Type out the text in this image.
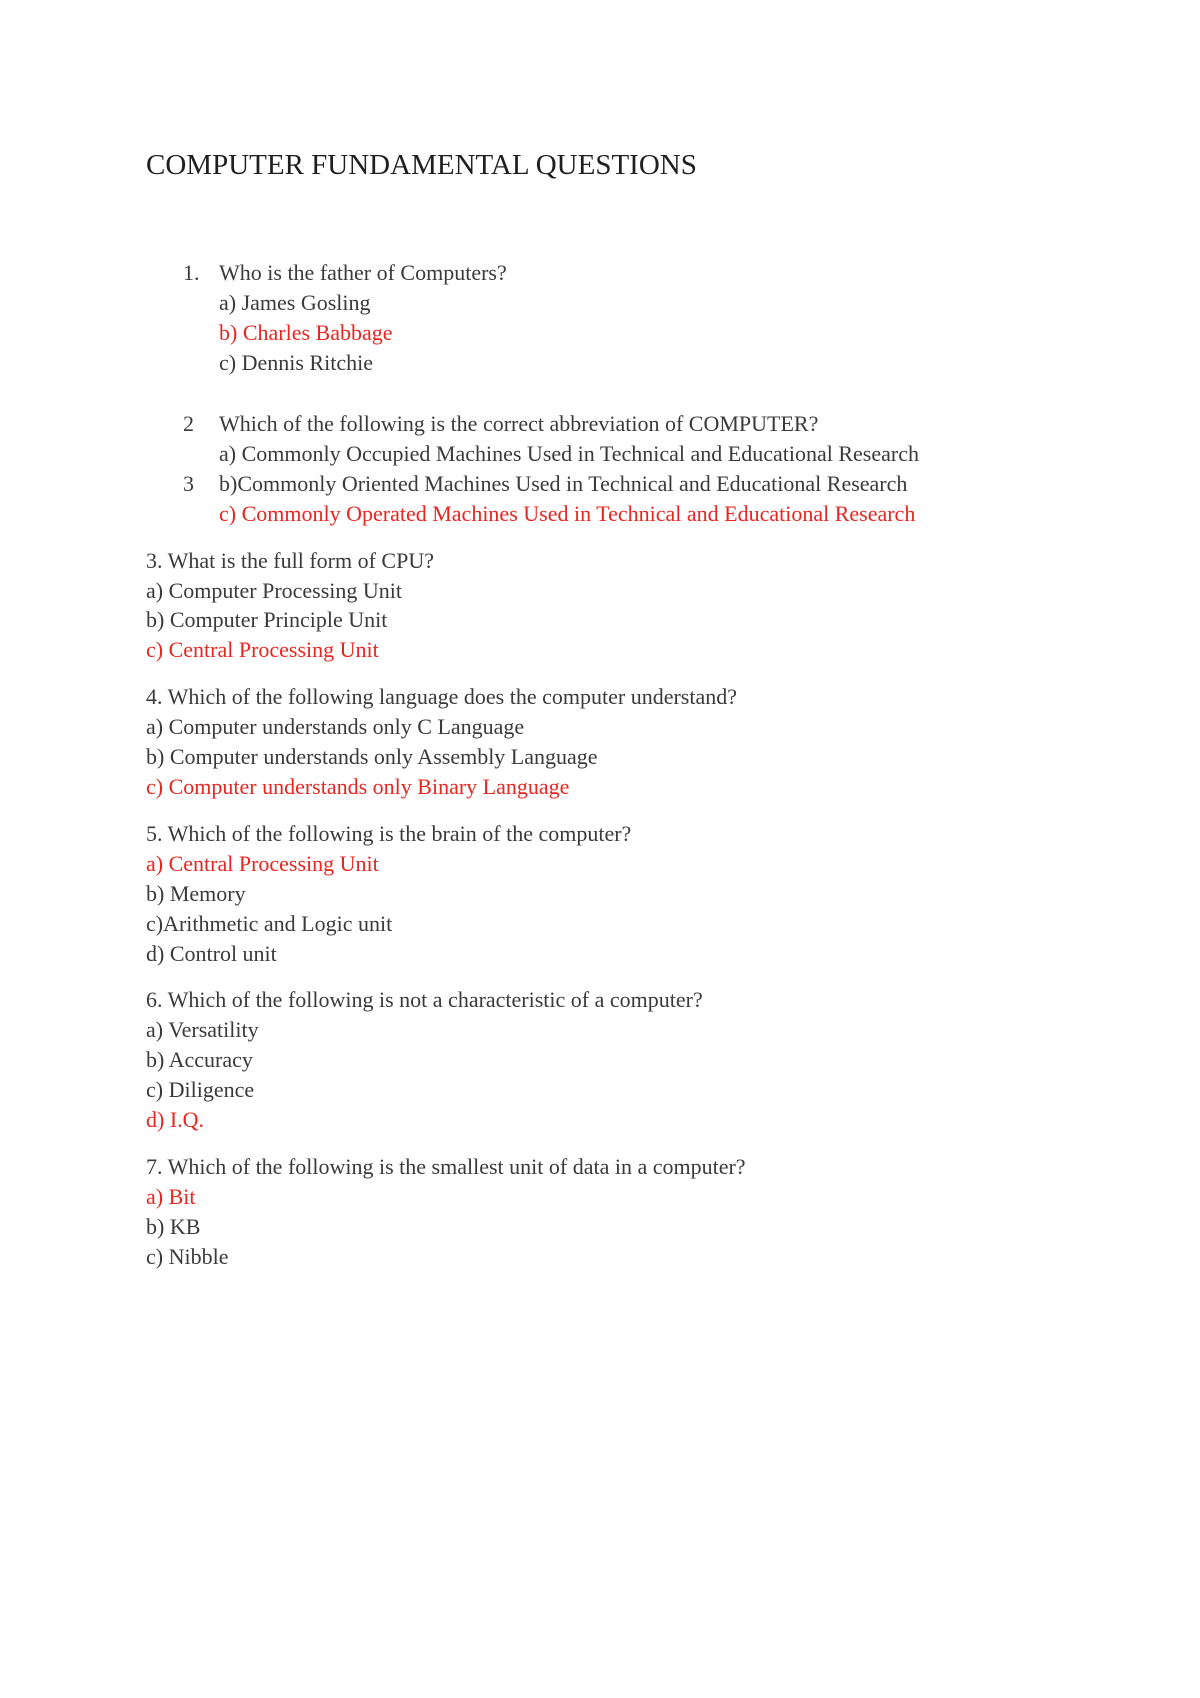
COMPUTER FUNDAMENTAL QUESTIONS
1. Who is the father of Computers?
a) James Gosling
b) Charles Babbage
c) Dennis Ritchie
2 Which of the following is the correct abbreviation of COMPUTER?
a) Commonly Occupied Machines Used in Technical and Educational Research
3 b)Commonly Oriented Machines Used in Technical and Educational Research
c) Commonly Operated Machines Used in Technical and Educational Research
3. What is the full form of CPU?
a) Computer Processing Unit
b) Computer Principle Unit
c) Central Processing Unit
4. Which of the following language does the computer understand?
a) Computer understands only C Language
b) Computer understands only Assembly Language
c) Computer understands only Binary Language
5. Which of the following is the brain of the computer?
a) Central Processing Unit
b) Memory
c)Arithmetic and Logic unit
d) Control unit
6. Which of the following is not a characteristic of a computer?
a) Versatility
b) Accuracy
c) Diligence
d) I.Q.
7. Which of the following is the smallest unit of data in a computer?
a) Bit
b) KB
c) Nibble
